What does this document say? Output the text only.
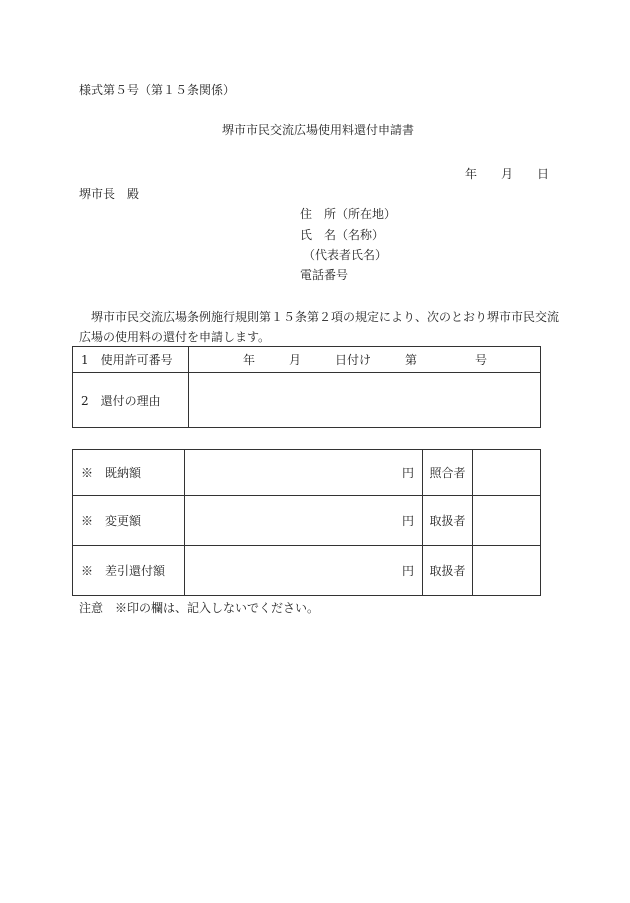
様式第５号（第１５条関係）
堺市市民交流広場使用料還付申請書
年 月 日
堺市長　殿
住　所（所在地）
氏　名（名称）
（代表者氏名）
電話番号
堺市市民交流広場条例施行規則第１５条第２項の規定により、次のとおり堺市市民交流
広場の使用料の還付を申請します。
1　使用許可番号	年 月 日付け 第 号

2　還付の理由	
※　既納額	円	照合者	
※　変更額	円	取扱者	
※　差引還付額	円	取扱者	
注意　※印の欄は、記入しないでください。
